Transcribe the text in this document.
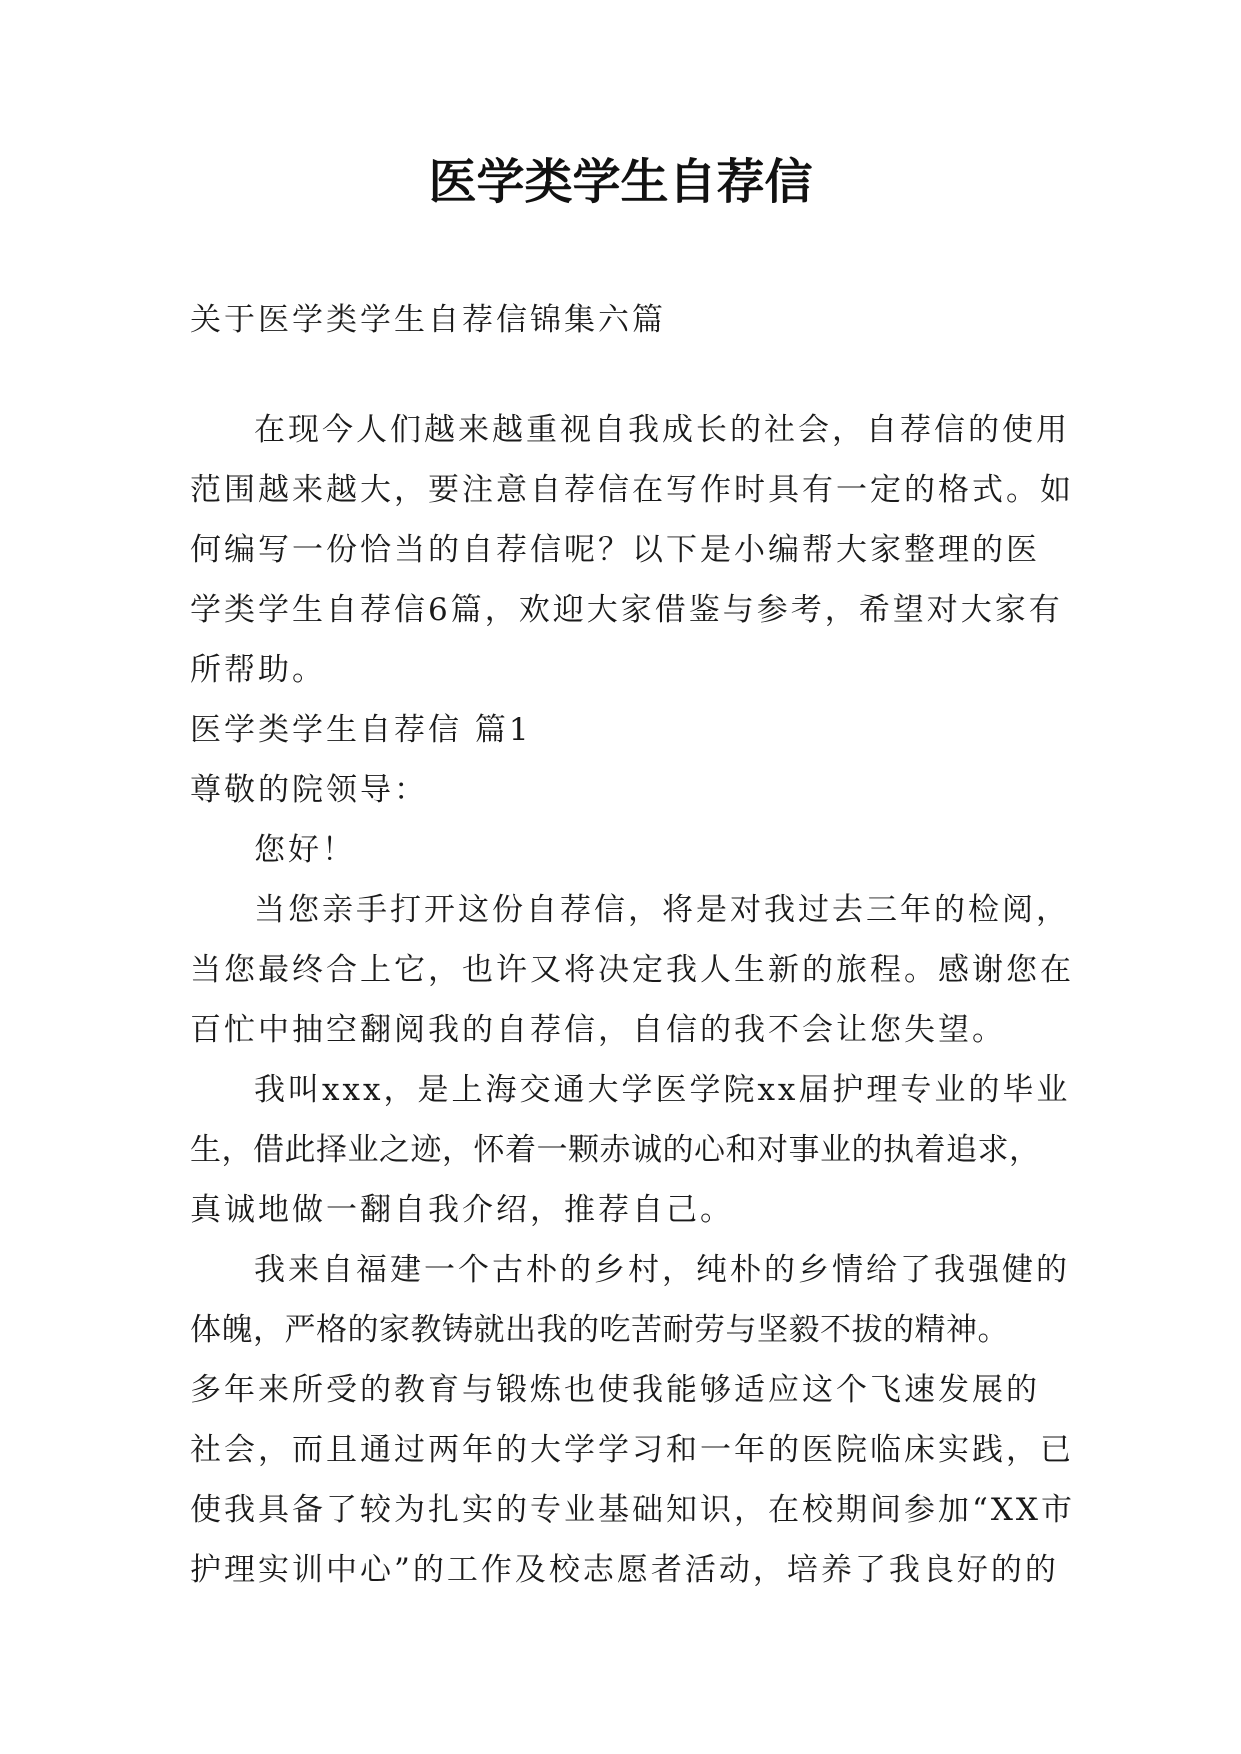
医学类学生自荐信
关于医学类学生自荐信锦集六篇
在现今人们越来越重视自我成长的社会，自荐信的使用
范围越来越大，要注意自荐信在写作时具有一定的格式。如
何编写一份恰当的自荐信呢？以下是小编帮大家整理的医
学类学生自荐信6篇，欢迎大家借鉴与参考，希望对大家有
所帮助。
医学类学生自荐信 篇1
尊敬的院领导：
您好！
当您亲手打开这份自荐信，将是对我过去三年的检阅，
当您最终合上它，也许又将决定我人生新的旅程。感谢您在
百忙中抽空翻阅我的自荐信，自信的我不会让您失望。
我叫xxx，是上海交通大学医学院xx届护理专业的毕业
生，借此择业之迹，怀着一颗赤诚的心和对事业的执着追求，
真诚地做一翻自我介绍，推荐自己。
我来自福建一个古朴的乡村，纯朴的乡情给了我强健的
体魄，严格的家教铸就出我的吃苦耐劳与坚毅不拔的精神。
多年来所受的教育与锻炼也使我能够适应这个飞速发展的
社会，而且通过两年的大学学习和一年的医院临床实践，已
使我具备了较为扎实的专业基础知识，在校期间参加“XX市
护理实训中心”的工作及校志愿者活动，培养了我良好的的
